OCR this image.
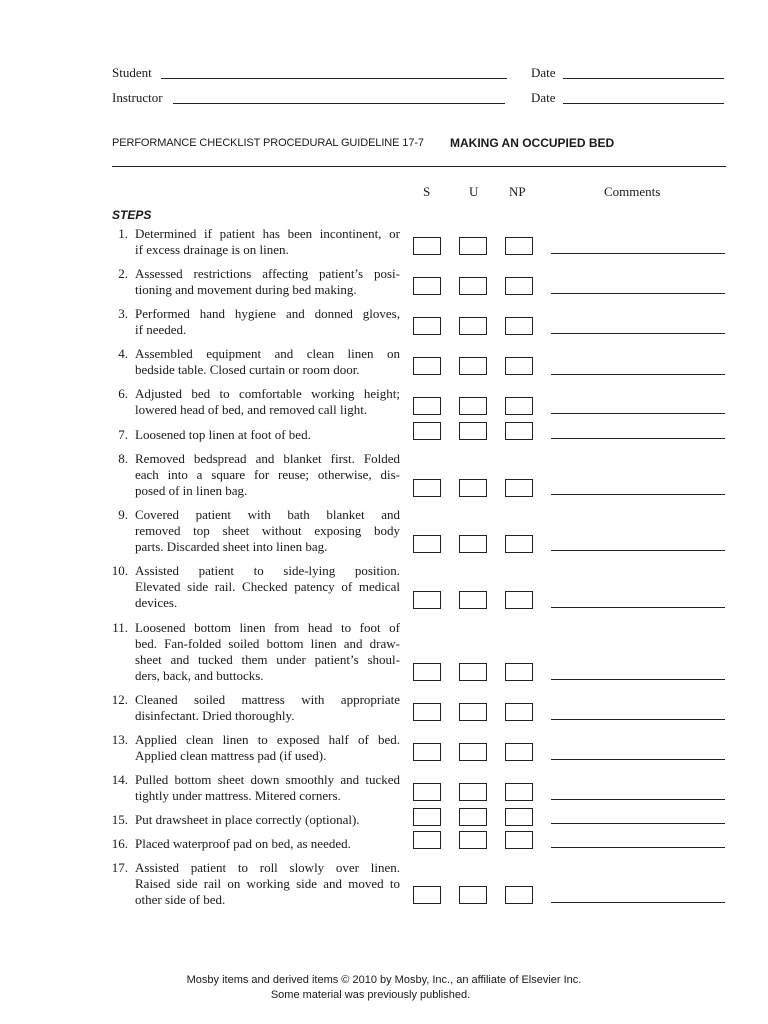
Student	Date
Instructor	Date
PERFORMANCE CHECKLIST PROCEDURAL GUIDELINE 17-7 MAKING AN OCCUPIED BED
S	U NP	Comments
STEPS
1. Determined if patient has been incontinent, or
if excess drainage is on linen.
2. Assessed restrictions affecting patient’s posi-
tioning and movement during bed making.
3. Performed hand hygiene and donned gloves,
if needed.
4. Assembled equipment and clean linen on
bedside table. Closed curtain or room door.
6. Adjusted bed to comfortable working height;
lowered head of bed, and removed call light.
7. Loosened top linen at foot of bed.
8. Removed bedspread and blanket first. Folded
each into a square for reuse; otherwise, dis-
posed of in linen bag.
9. Covered patient with bath blanket and
removed top sheet without exposing body
parts. Discarded sheet into linen bag.
10. Assisted patient to side-lying position.
Elevated side rail. Checked patency of medical
devices.
11. Loosened bottom linen from head to foot of
bed. Fan-folded soiled bottom linen and draw-
sheet and tucked them under patient’s shoul-
ders, back, and buttocks.
12. Cleaned soiled mattress with appropriate
disinfectant. Dried thoroughly.
13. Applied clean linen to exposed half of bed.
Applied clean mattress pad (if used).
14. Pulled bottom sheet down smoothly and tucked
tightly under mattress. Mitered corners.
15. Put drawsheet in place correctly (optional).
16. Placed waterproof pad on bed, as needed.
17. Assisted patient to roll slowly over linen.
Raised side rail on working side and moved to
other side of bed.
Mosby items and derived items © 2010 by Mosby, Inc., an affiliate of Elsevier Inc.
Some material was previously published.
